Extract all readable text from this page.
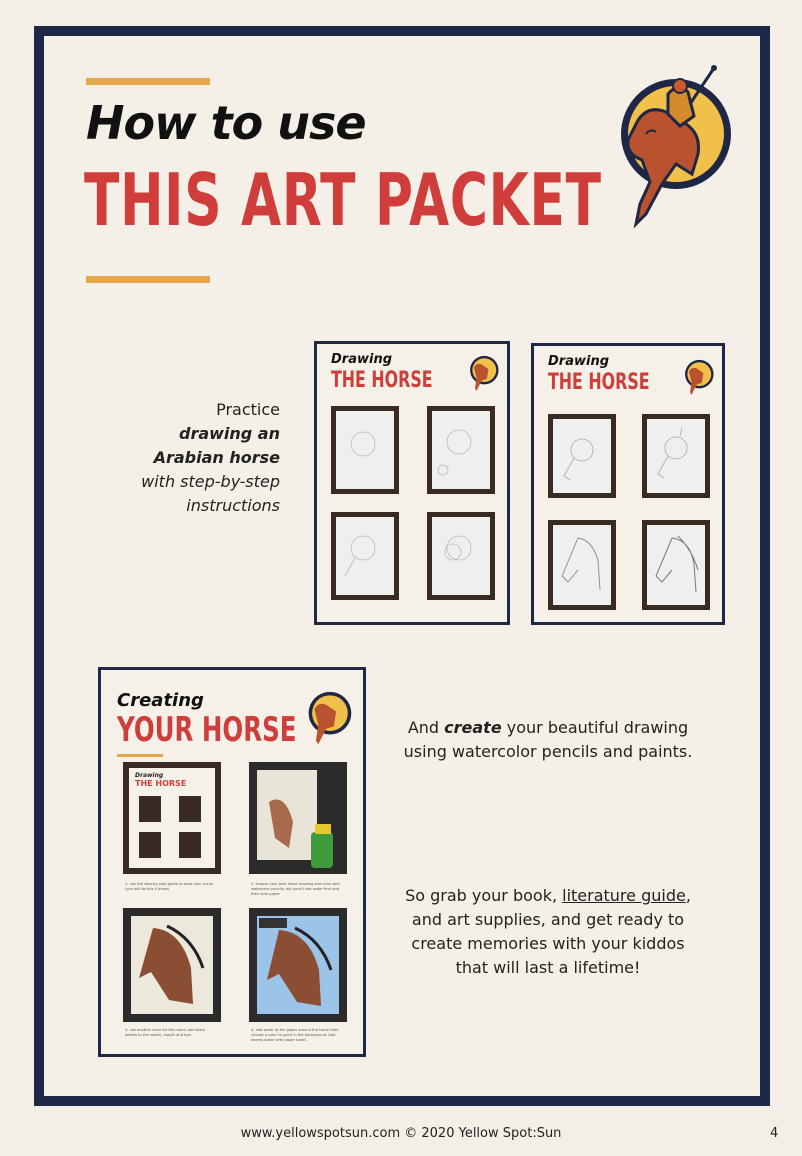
How to use
THIS ART PACKET
Practice
drawing an
Arabian horse
with step-by-step
instructions
Drawing
THE HORSE
Drawing
THE HORSE
Creating
YOUR HORSE
Drawing
THE HORSE
1. use the step-by-step guide to draw your horse (you will do this 4 times)
2. choose your best horse drawing and color with watercolor pencils; dip pencil into water first and then onto paper
3. use another color for the mane; add black details to the nostril, mouth and eye.
4. add water to the paper around the horse then choose a color to paint in the background; blot excess water with paper towel.
And create your beautiful drawing
using watercolor pencils and paints.
So grab your book, literature guide,
and art supplies, and get ready to
create memories with your kiddos
that will last a lifetime!
www.yellowspotsun.com © 2020 Yellow Spot:Sun	4
